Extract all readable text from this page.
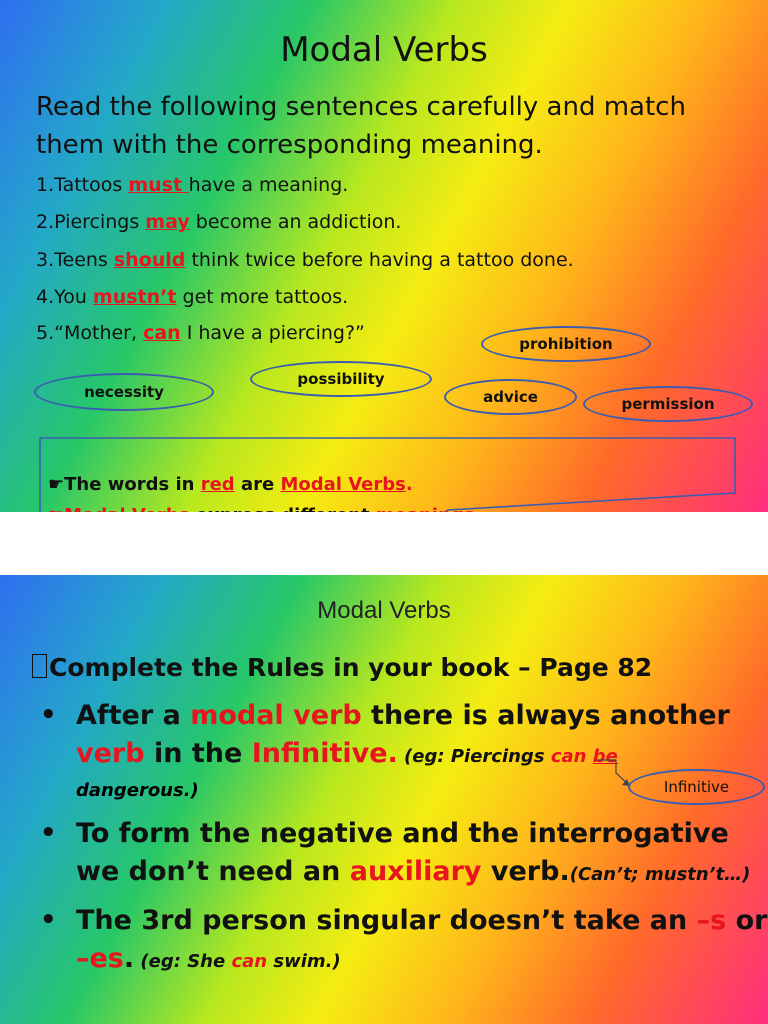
Modal Verbs

Read the following sentences carefully and match them with the corresponding meaning.

1.Tattoos must have a meaning.

2.Piercings may become an addiction.

3.Teens should think twice before having a tattoo done.

4.You mustn’t get more tattoos.

5.“Mother, can I have a piercing?”	prohibition
possibility
necessity	advice	permission

☛The words in red are Modal Verbs.

Modal Verbs

Complete the Rules in your book – Page 82

• After a modal verb there is always another
verb in the Infinitive. (eg: Piercings can be
dangerous.)	Infinitive
• To form the negative and the interrogative
we don’t need an auxiliary verb.(Can’t; mustn’t…)
• The 3rd person singular doesn’t take an –s or
–es. (eg: She can swim.)
